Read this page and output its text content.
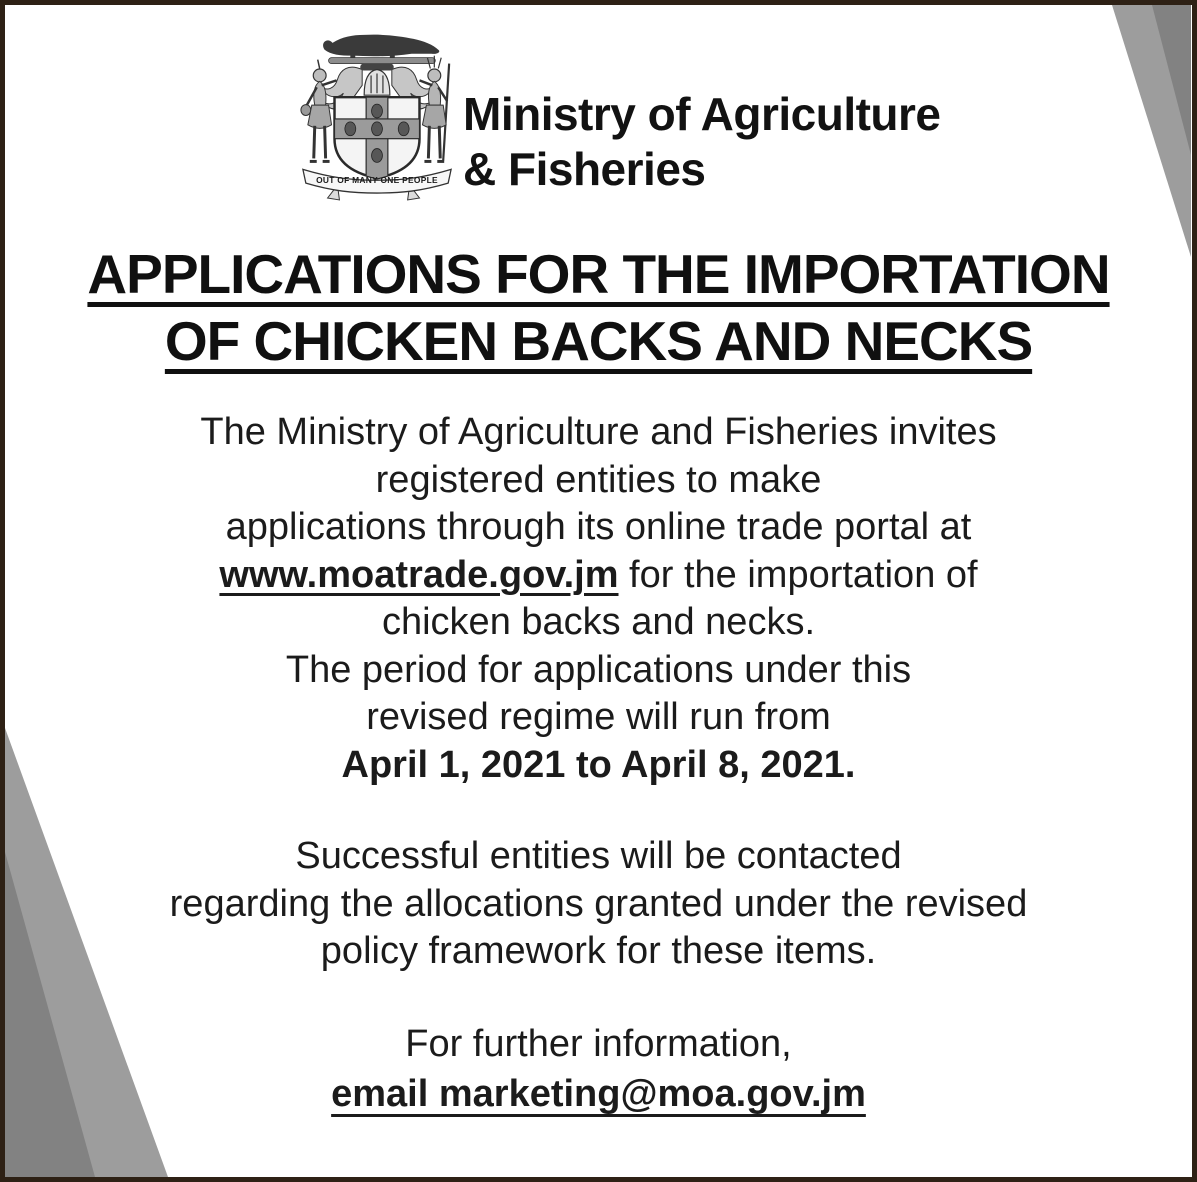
OUT OF MANY ONE PEOPLE
Ministry of Agriculture
& Fisheries
APPLICATIONS FOR THE IMPORTATION
OF CHICKEN BACKS AND NECKS
The Ministry of Agriculture and Fisheries invites
registered entities to make
applications through its online trade portal at
www.moatrade.gov.jm for the importation of
chicken backs and necks.
The period for applications under this
revised regime will run from
April 1, 2021 to April 8, 2021.
Successful entities will be contacted
regarding the allocations granted under the revised
policy framework for these items.
For further information,
email marketing@moa.gov.jm
